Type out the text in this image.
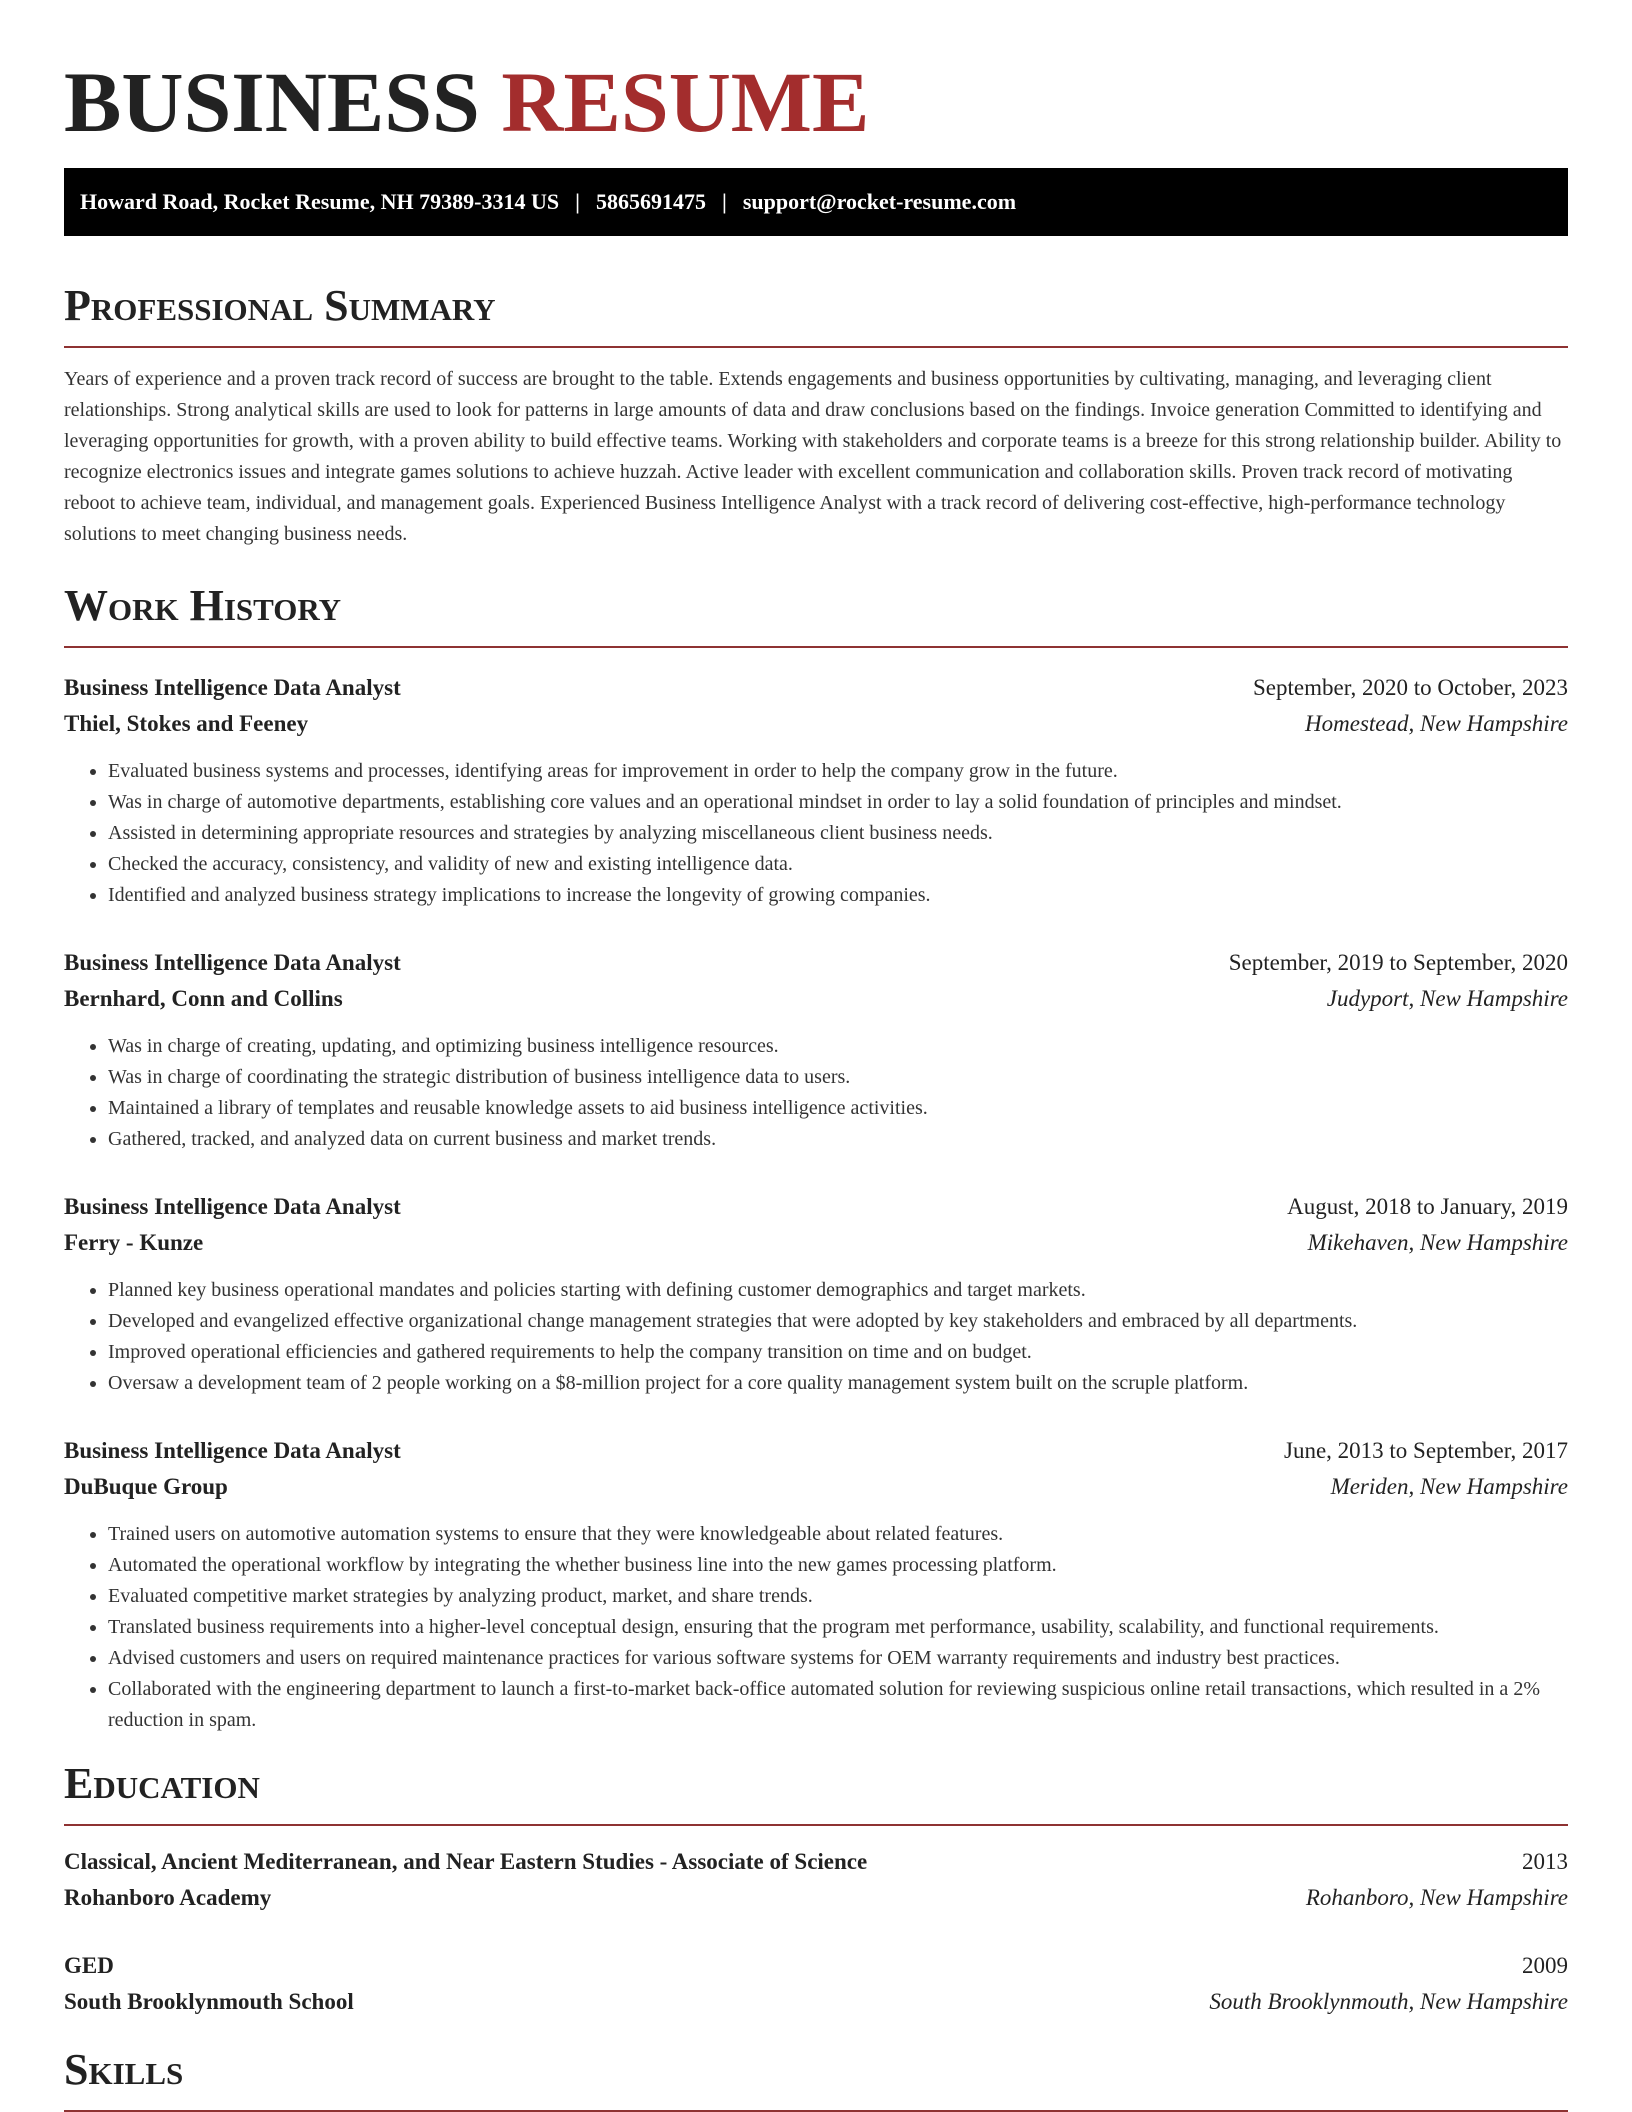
BUSINESS RESUME
Howard Road, Rocket Resume, NH 79389-3314 US | 5865691475 | support@rocket-resume.com
Professional Summary

Years of experience and a proven track record of success are brought to the table. Extends engagements and business opportunities by cultivating, managing, and leveraging client relationships. Strong analytical skills are used to look for patterns in large amounts of data and draw conclusions based on the findings. Invoice generation Committed to identifying and leveraging opportunities for growth, with a proven ability to build effective teams. Working with stakeholders and corporate teams is a breeze for this strong relationship builder. Ability to recognize electronics issues and integrate games solutions to achieve huzzah. Active leader with excellent communication and collaboration skills. Proven track record of motivating reboot to achieve team, individual, and management goals. Experienced Business Intelligence Analyst with a track record of delivering cost-effective, high-performance technology solutions to meet changing business needs.

Work History
Business Intelligence Data Analyst	September, 2020 to October, 2023
Thiel, Stokes and Feeney	Homestead, New Hampshire
• Evaluated business systems and processes, identifying areas for improvement in order to help the company grow in the future.
• Was in charge of automotive departments, establishing core values and an operational mindset in order to lay a solid foundation of principles and mindset.
• Assisted in determining appropriate resources and strategies by analyzing miscellaneous client business needs.
• Checked the accuracy, consistency, and validity of new and existing intelligence data.
• Identified and analyzed business strategy implications to increase the longevity of growing companies.
Business Intelligence Data Analyst	September, 2019 to September, 2020
Bernhard, Conn and Collins	Judyport, New Hampshire
• Was in charge of creating, updating, and optimizing business intelligence resources.
• Was in charge of coordinating the strategic distribution of business intelligence data to users.
• Maintained a library of templates and reusable knowledge assets to aid business intelligence activities.
• Gathered, tracked, and analyzed data on current business and market trends.
Business Intelligence Data Analyst	August, 2018 to January, 2019
Ferry - Kunze	Mikehaven, New Hampshire
• Planned key business operational mandates and policies starting with defining customer demographics and target markets.
• Developed and evangelized effective organizational change management strategies that were adopted by key stakeholders and embraced by all departments.
• Improved operational efficiencies and gathered requirements to help the company transition on time and on budget.
• Oversaw a development team of 2 people working on a $8-million project for a core quality management system built on the scruple platform.
Business Intelligence Data Analyst	June, 2013 to September, 2017
DuBuque Group	Meriden, New Hampshire
• Trained users on automotive automation systems to ensure that they were knowledgeable about related features.
• Automated the operational workflow by integrating the whether business line into the new games processing platform.
• Evaluated competitive market strategies by analyzing product, market, and share trends.
• Translated business requirements into a higher-level conceptual design, ensuring that the program met performance, usability, scalability, and functional requirements.
• Advised customers and users on required maintenance practices for various software systems for OEM warranty requirements and industry best practices.
• Collaborated with the engineering department to launch a first-to-market back-office automated solution for reviewing suspicious online retail transactions, which resulted in a 2% reduction in spam.
Education
Classical, Ancient Mediterranean, and Near Eastern Studies - Associate of Science	2013
Rohanboro Academy	Rohanboro, New Hampshire
GED	2009
South Brooklynmouth School	South Brooklynmouth, New Hampshire
Skills
